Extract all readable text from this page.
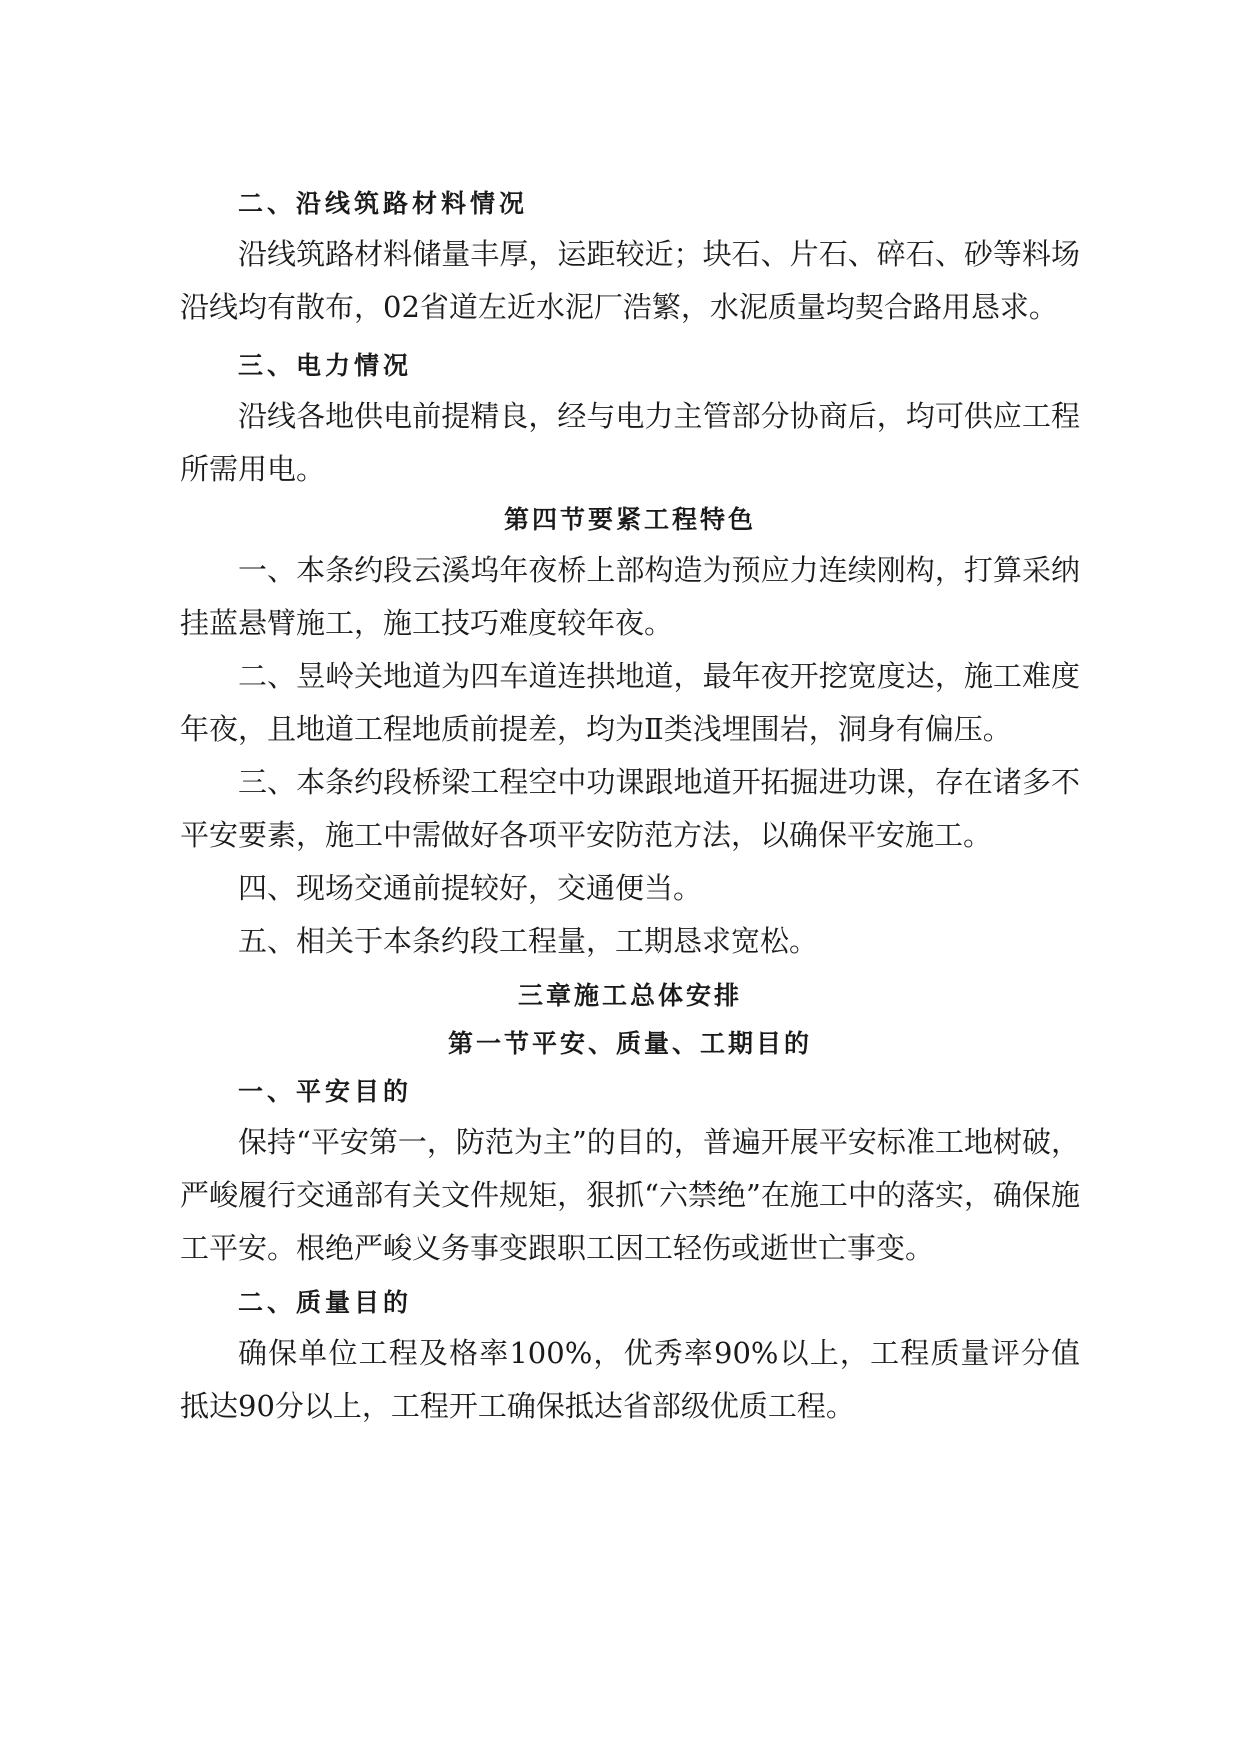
二、沿线筑路材料情况

沿线筑路材料储量丰厚，运距较近；块石、片石、碎石、砂等料场沿线均有散布，02省道左近水泥厂浩繁，水泥质量均契合路用恳求。

三、电力情况

沿线各地供电前提精良，经与电力主管部分协商后，均可供应工程所需用电。

第四节要紧工程特色

一、本条约段云溪坞年夜桥上部构造为预应力连续刚构，打算采纳挂蓝悬臂施工，施工技巧难度较年夜。

二、昱岭关地道为四车道连拱地道，最年夜开挖宽度达，施工难度年夜，且地道工程地质前提差，均为Ⅱ类浅埋围岩，洞身有偏压。

三、本条约段桥梁工程空中功课跟地道开拓掘进功课，存在诸多不平安要素，施工中需做好各项平安防范方法，以确保平安施工。

四、现场交通前提较好，交通便当。

五、相关于本条约段工程量，工期恳求宽松。

三章施工总体安排
第一节平安、质量、工期目的
一、平安目的

保持“平安第一，防范为主”的目的，普遍开展平安标准工地树破，严峻履行交通部有关文件规矩，狠抓“六禁绝”在施工中的落实，确保施工平安。根绝严峻义务事变跟职工因工轻伤或逝世亡事变。

二、质量目的

确保单位工程及格率100%，优秀率90%以上，工程质量评分值抵达90分以上，工程开工确保抵达省部级优质工程。
